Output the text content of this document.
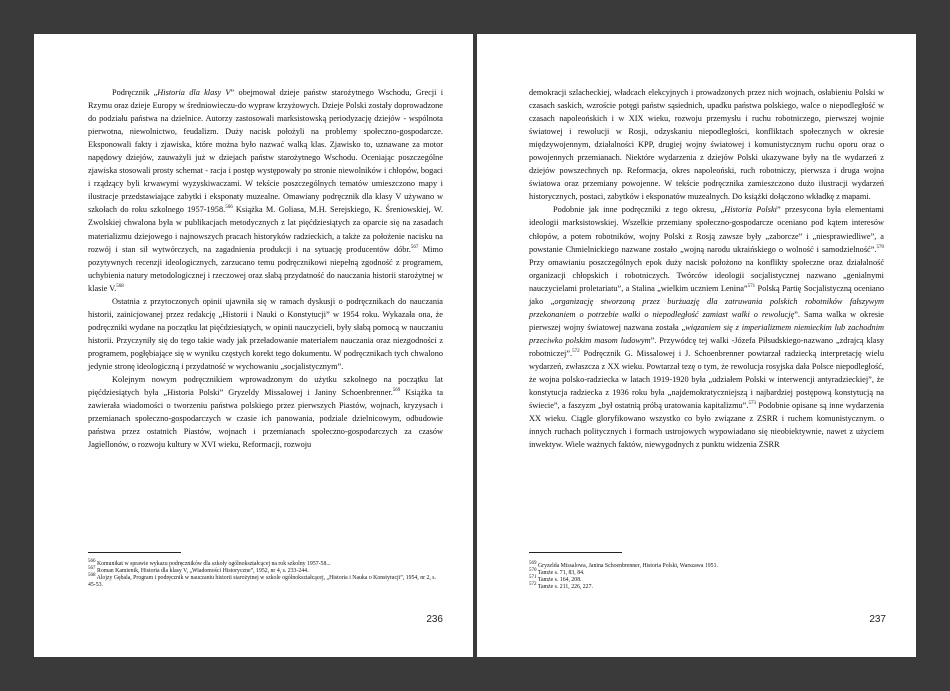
Podręcznik „Historia dla klasy V” obejmował dzieje państw starożytnego Wschodu, Grecji i Rzymu oraz dzieje Europy w średniowieczu-do wypraw krzyżowych. Dzieje Polski zostały doprowadzone do podziału państwa na dzielnice. Autorzy zastosowali marksistowską periodyzację dziejów - wspólnota pierwotna, niewolnictwo, feudalizm. Duży nacisk położyli na problemy społeczno-gospodarcze. Eksponowali fakty i zjawiska, które można było nazwać walką klas. Zjawisko to, uznawane za motor napędowy dziejów, zauważyli już w dziejach państw starożytnego Wschodu. Oceniając poszczególne zjawiska stosowali prosty schemat - racja i postęp występowały po stronie niewolników i chłopów, bogaci i rządzący byli krwawymi wyzyskiwaczami. W tekście poszczególnych tematów umieszczono mapy i ilustracje przedstawiające zabytki i eksponaty muzealne. Omawiany podręcznik dla klasy V używano w szkołach do roku szkolnego 1957-1958.$^{566}$ Książka M. Goliasa, M.H. Serejskiego, K. Śreniowskiej, W. Zwolskiej chwalona była w publikacjach metodycznych z lat pięćdziesiątych za oparcie się na zasadach materializmu dziejowego i najnowszych pracach historyków radzieckich, a także za położenie nacisku na rozwój i stan sił wytwórczych, na zagadnienia produkcji i na sytuację producentów dóbr.$^{567}$ Mimo pozytywnych recenzji ideologicznych, zarzucano temu podręcznikowi niepełną zgodność z programem, uchybienia natury metodologicznej i rzeczowej oraz słabą przydatność do nauczania historii starożytnej w klasie V.$^{568}$

Ostatnia z przytoczonych opinii ujawniła się w ramach dyskusji o podręcznikach do nauczania historii, zainicjowanej przez redakcję „Historii i Nauki o Konstytucji” w 1954 roku. Wykazała ona, że podręczniki wydane na początku lat pięćdziesiątych, w opinii nauczycieli, były słabą pomocą w nauczaniu historii. Przyczyniły się do tego takie wady jak przeładowanie materiałem nauczania oraz niezgodności z programem, pogłębiające się w wyniku częstych korekt tego dokumentu. W podręcznikach tych chwalono jedynie stronę ideologiczną i przydatność w wychowaniu „socjalistycznym”.

Kolejnym nowym podręcznikiem wprowadzonym do użytku szkolnego na początku lat pięćdziesiątych była „Historia Polski” Gryzeldy Missalowej i Janiny Schoenbrenner.$^{569}$ Książka ta zawierała wiadomości o tworzeniu państwa polskiego przez pierwszych Piastów, wojnach, kryzysach i przemianach społeczno-gospodarczych w czasie ich panowania, podziale dzielnicowym, odbudowie państwa przez ostatnich Piastów, wojnach i przemianach społeczno-gospodarczych za czasów Jagiellonów, o rozwoju kultury w XVI wieku, Reformacji, rozwoju

$^{566}$ Komunikat w sprawie wykazu podręczników dla szkoły ogólnokształcącej na rok szkolny 1957-58...
$^{567}$ Roman Kamienik, Historia dla klasy V, „Wiadomości Historyczne”, 1952, nr 4, s. 233-244.
$^{568}$ Alojzy Gębala, Program i podręcznik w nauczaniu historii starożytnej w szkole ogólnokształcącej, „Historia i Nauka o Konstytucji”, 1954, nr 2, s. 45-53.
236

demokracji szlacheckiej, władcach elekcyjnych i prowadzonych przez nich wojnach, osłabieniu Polski w czasach saskich, wzroście potęgi państw sąsiednich, upadku państwa polskiego, walce o niepodległość w czasach napoleońskich i w XIX wieku, rozwoju przemysłu i ruchu robotniczego, pierwszej wojnie światowej i rewolucji w Rosji, odzyskaniu niepodległości, konfliktach społecznych w okresie międzywojennym, działalności KPP, drugiej wojny światowej i komunistycznym ruchu oporu oraz o powojennych przemianach. Niektóre wydarzenia z dziejów Polski ukazywane były na tle wydarzeń z dziejów powszechnych np. Reformacja, okres napoleoński, ruch robotniczy, pierwsza i druga wojna światowa oraz przemiany powojenne. W tekście podręcznika zamieszczono dużo ilustracji wydarzeń historycznych, postaci, zabytków i eksponatów muzealnych. Do książki dołączono wkładkę z mapami.

Podobnie jak inne podręczniki z tego okresu, „Historia Polski” przesycona była elementami ideologii marksistowskiej. Wszelkie przemiany społeczno-gospodarcze oceniano pod kątem interesów chłopów, a potem robotników, wojny Polski z Rosją zawsze były „zaborcze” i „niesprawiedliwe”, a powstanie Chmielnickiego nazwane zostało „wojną narodu ukraińskiego o wolność i samodzielność”.$^{570}$ Przy omawianiu poszczególnych epok duży nacisk położono na konflikty społeczne oraz działalność organizacji chłopskich i robotniczych. Twórców ideologii socjalistycznej nazwano „genialnymi nauczycielami proletariatu”, a Stalina „wielkim uczniem Lenina”$^{571}$ Polską Partię Socjalistyczną oceniano jako „organizację stworzoną przez burżuazję dla zatruwania polskich robotników fałszywym przekonaniem o potrzebie walki o niepodległość zamiast walki o rewolucję”. Sama walka w okresie pierwszej wojny światowej nazwana została „wiązaniem się z imperializmem niemieckim lub zachodnim przeciwko polskim masom ludowym”. Przywódcę tej walki -Józefa Piłsudskiego-nazwano „zdrajcą klasy robotniczej”.$^{572}$ Podręcznik G. Missalowej i J. Schoenbrenner powtarzał radziecką interpretację wielu wydarzeń, zwłaszcza z XX wieku. Powtarzał tezę o tym, że rewolucja rosyjska dała Polsce niepodległość, że wojna polsko-radziecka w latach 1919-1920 była „udziałem Polski w interwencji antyradzieckiej”, że konstytucja radziecka z 1936 roku była „najdemokratyczniejszą i najbardziej postępową konstytucją na świecie”, a faszyzm „był ostatnią próbą uratowania kapitalizmu”.$^{573}$ Podobnie opisane są inne wydarzenia XX wieku. Ciągle gloryfikowano wszystko co było związane z ZSRR i ruchem komunistycznym. o innych ruchach politycznych i formach ustrojowych wypowiadano się nieobiektywnie, nawet z użyciem inwektyw. Wiele ważnych faktów, niewygodnych z punktu widzenia ZSRR

$^{569}$ Gryzelda Missalowa, Janina Schoenbrenner, Historia Polski, Warszawa 1951.
$^{570}$ Tamże s. 71, 83, 84.
$^{571}$ Tamże s. 164, 208.
$^{572}$ Tamże s. 211, 226, 227.
237
